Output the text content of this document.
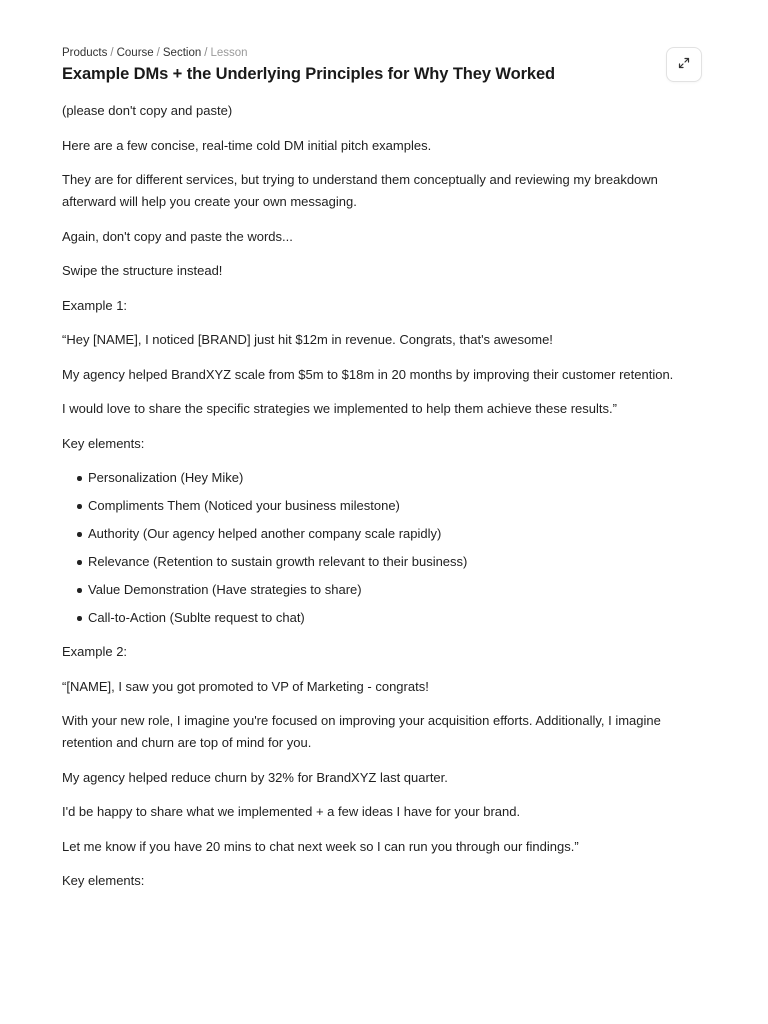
Products / Course / Section / Lesson
Example DMs + the Underlying Principles for Why They Worked

(please don't copy and paste)

Here are a few concise, real-time cold DM initial pitch examples.

They are for different services, but trying to understand them conceptually and reviewing my breakdown afterward will help you create your own messaging.

Again, don't copy and paste the words...

Swipe the structure instead!

Example 1:

“Hey [NAME], I noticed [BRAND] just hit $12m in revenue. Congrats, that's awesome!

My agency helped BrandXYZ scale from $5m to $18m in 20 months by improving their customer retention.

I would love to share the specific strategies we implemented to help them achieve these results.”

Key elements:

Personalization (Hey Mike)
Compliments Them (Noticed your business milestone)
Authority (Our agency helped another company scale rapidly)
Relevance (Retention to sustain growth relevant to their business)
Value Demonstration (Have strategies to share)
Call-to-Action (Sublte request to chat)

Example 2:

“[NAME], I saw you got promoted to VP of Marketing - congrats!

With your new role, I imagine you're focused on improving your acquisition efforts. Additionally, I imagine retention and churn are top of mind for you.

My agency helped reduce churn by 32% for BrandXYZ last quarter.

I'd be happy to share what we implemented + a few ideas I have for your brand.

Let me know if you have 20 mins to chat next week so I can run you through our findings.”

Key elements:
